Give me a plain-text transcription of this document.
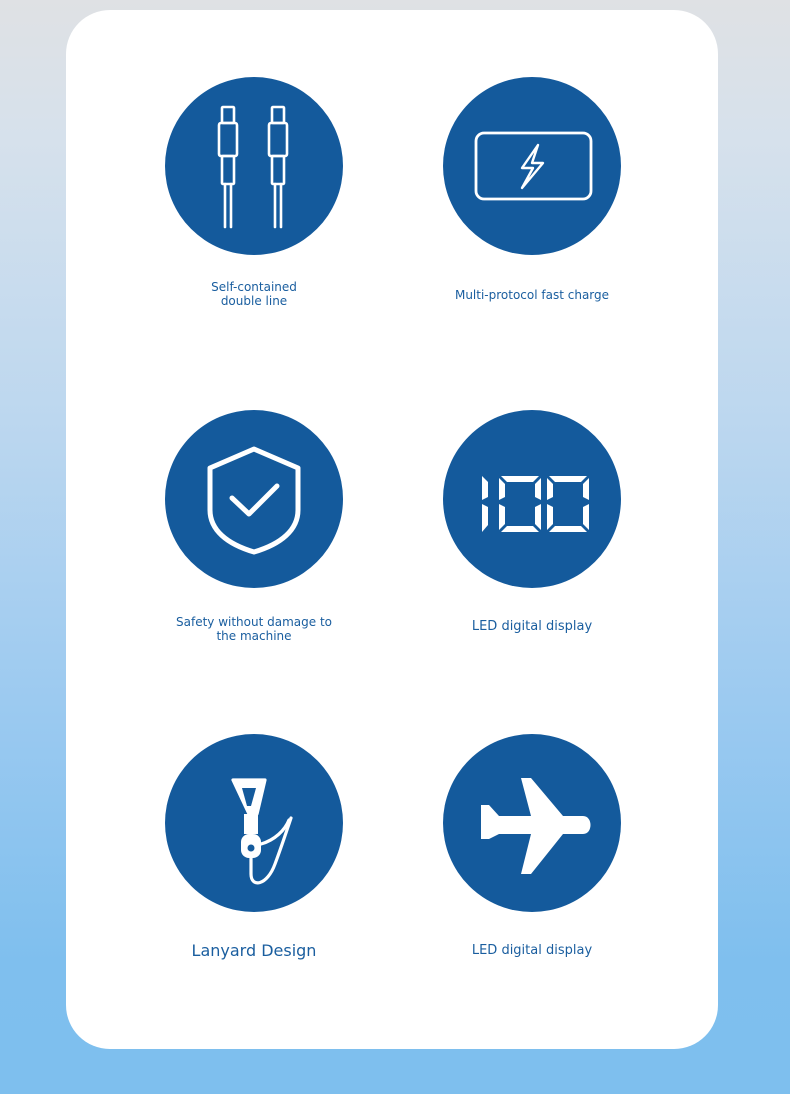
Self-contained
double line	Multi-protocol fast charge
Safety without damage to
the machine
LED digital display
Lanyard Design	LED digital display
